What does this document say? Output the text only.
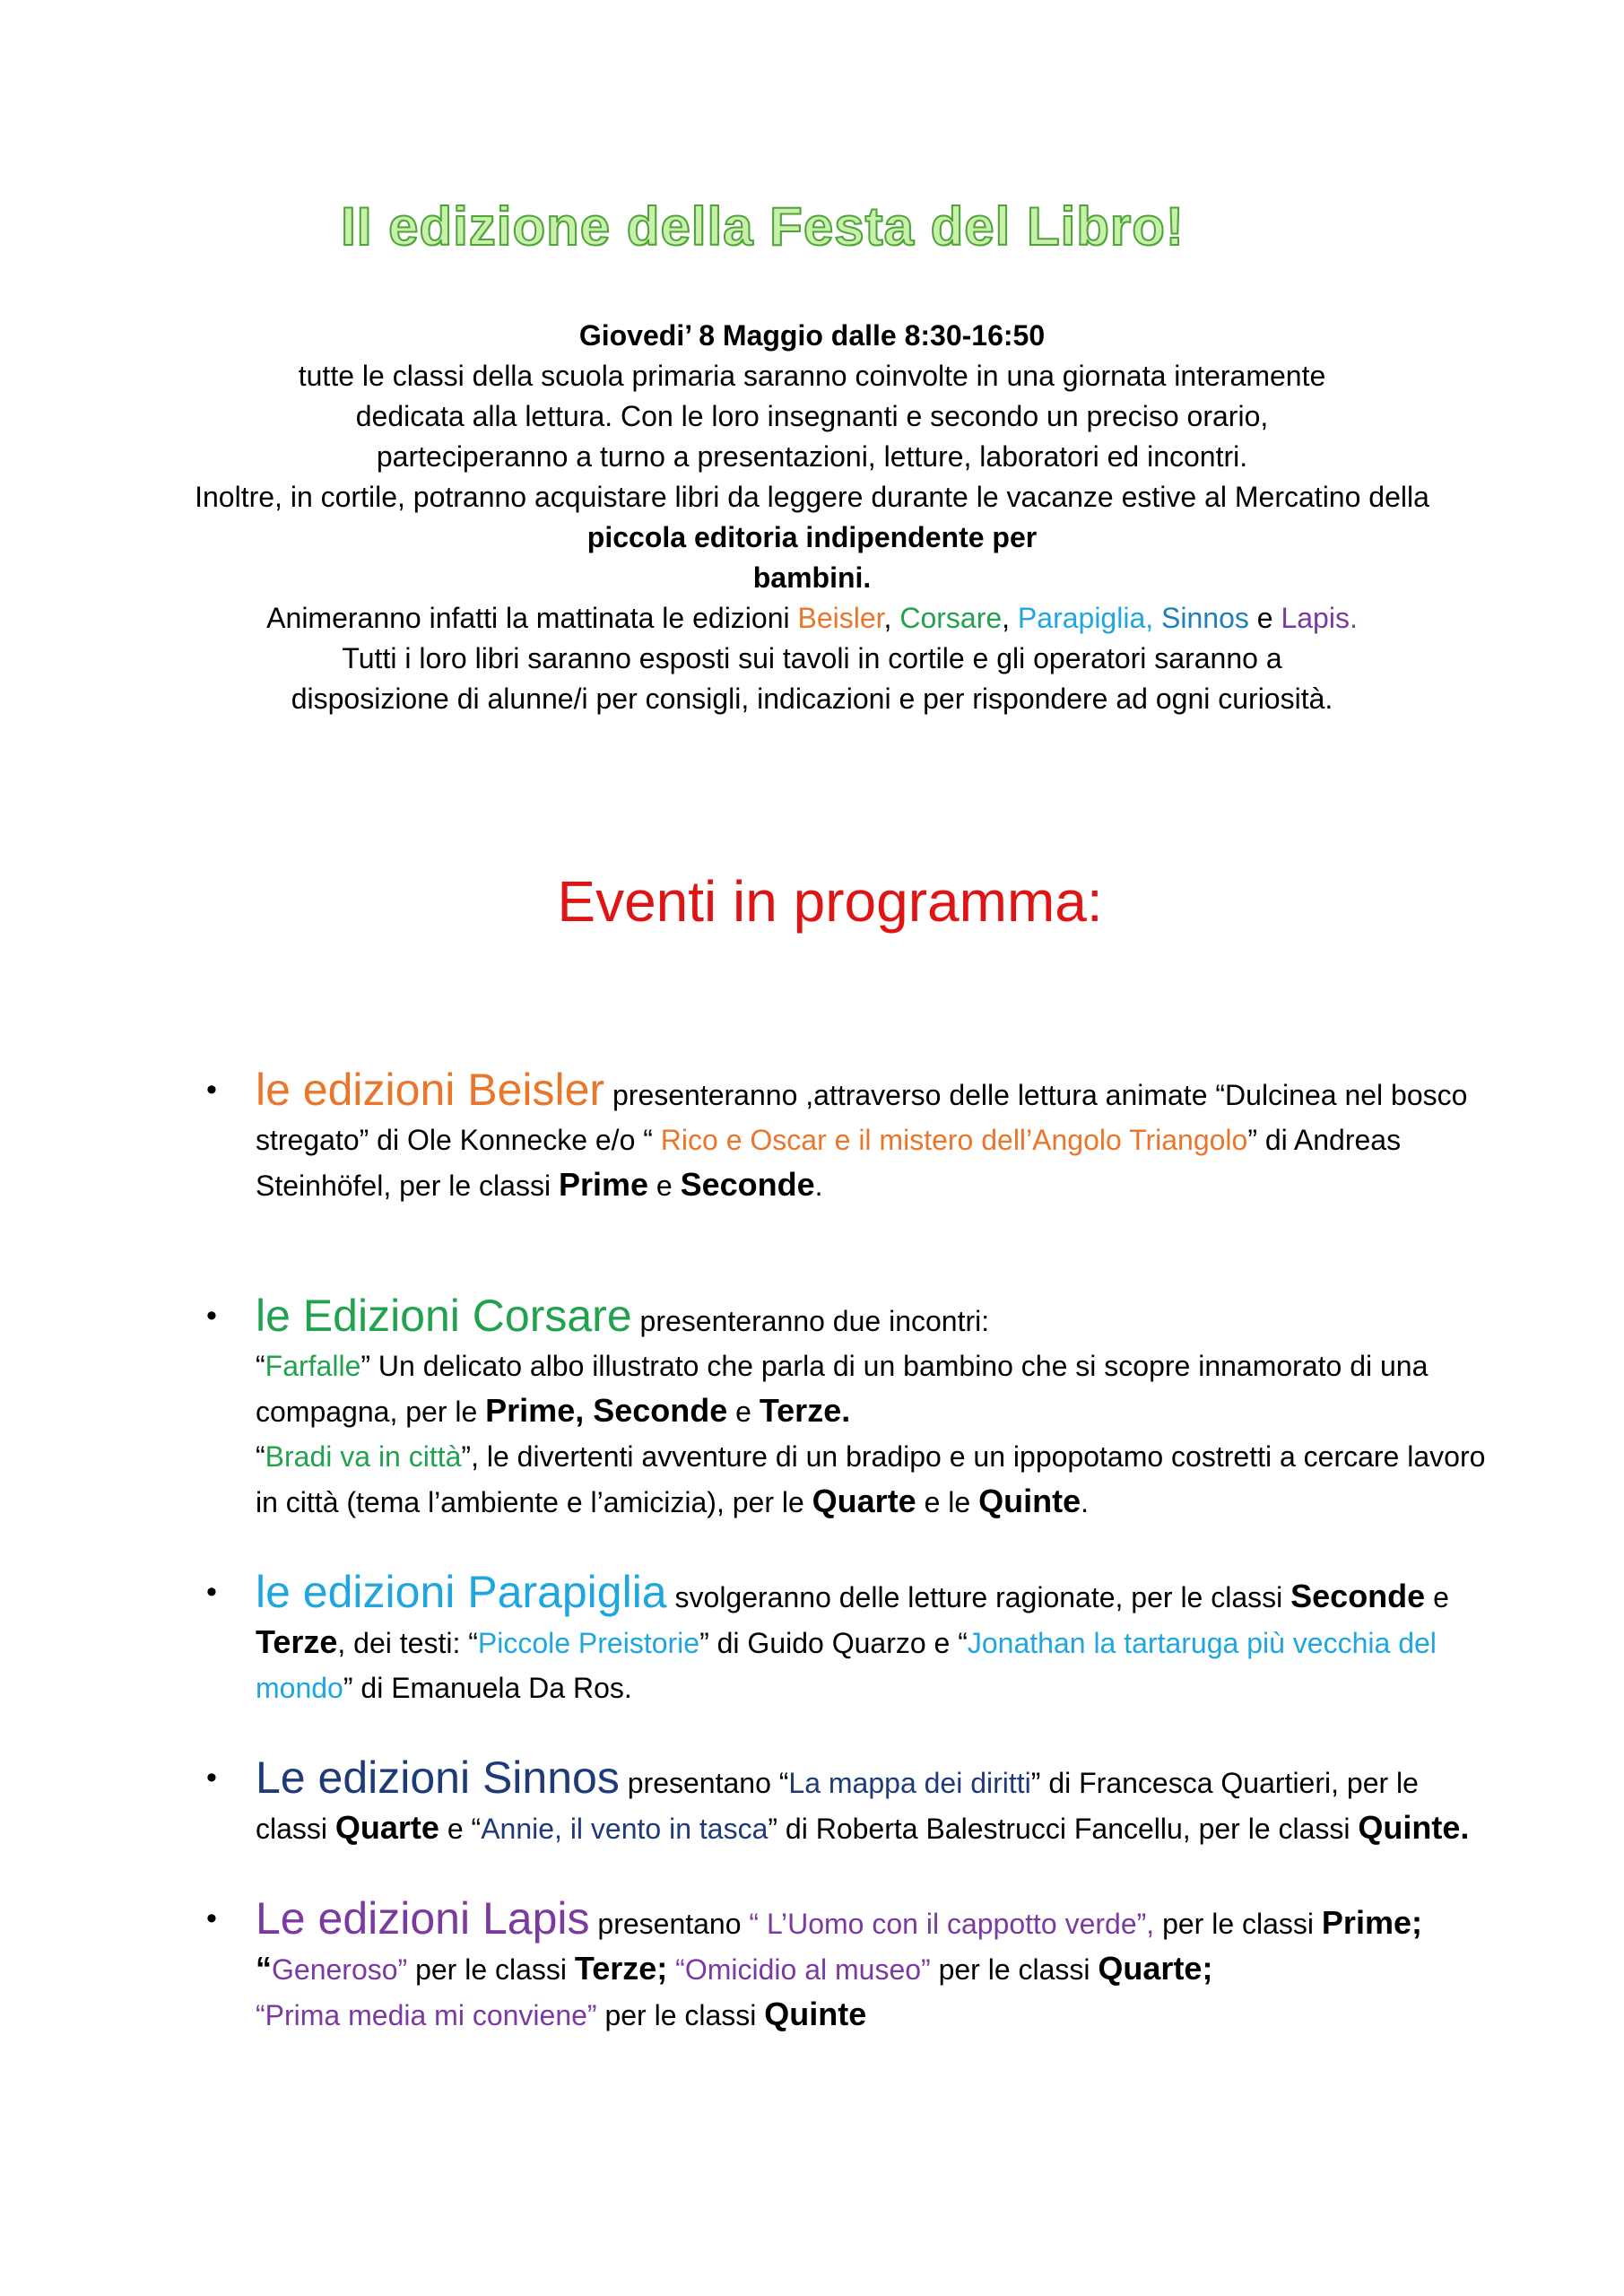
II edizione della Festa del Libro!

Giovedi’ 8 Maggio dalle 8:30-16:50

tutte le classi della scuola primaria saranno coinvolte in una giornata interamente

dedicata alla lettura. Con le loro insegnanti e secondo un preciso orario,

parteciperanno a turno a presentazioni, letture, laboratori ed incontri.

Inoltre, in cortile, potranno acquistare libri da leggere durante le vacanze estive al Mercatino della

piccola editoria indipendente per

bambini.

Animeranno infatti la mattinata le edizioni Beisler, Corsare, Parapiglia, Sinnos e Lapis.

Tutti i loro libri saranno esposti sui tavoli in cortile e gli operatori saranno a

disposizione di alunne/i per consigli, indicazioni e per rispondere ad ogni curiosità.

Eventi in programma:
• le edizioni Beisler presenteranno ,attraverso delle lettura animate “Dulcinea nel bosco stregato” di Ole Konnecke e/o “ Rico e Oscar e il mistero dell’Angolo Triangolo” di Andreas Steinhöfel, per le classi Prime e Seconde.
• le Edizioni Corsare presenteranno due incontri:
“Farfalle” Un delicato albo illustrato che parla di un bambino che si scopre innamorato di una compagna, per le Prime, Seconde e Terze.
“Bradi va in città”, le divertenti avventure di un bradipo e un ippopotamo costretti a cercare lavoro in città (tema l’ambiente e l’amicizia), per le Quarte e le Quinte.
• le edizioni Parapiglia svolgeranno delle letture ragionate, per le classi Seconde e Terze, dei testi: “Piccole Preistorie” di Guido Quarzo e “Jonathan la tartaruga più vecchia del mondo” di Emanuela Da Ros.
• Le edizioni Sinnos presentano “La mappa dei diritti” di Francesca Quartieri, per le classi Quarte e “Annie, il vento in tasca” di Roberta Balestrucci Fancellu, per le classi Quinte.
• Le edizioni Lapis presentano “ L’Uomo con il cappotto verde”, per le classi Prime; “Generoso” per le classi Terze; “Omicidio al museo” per le classi Quarte;
“Prima media mi conviene” per le classi Quinte
